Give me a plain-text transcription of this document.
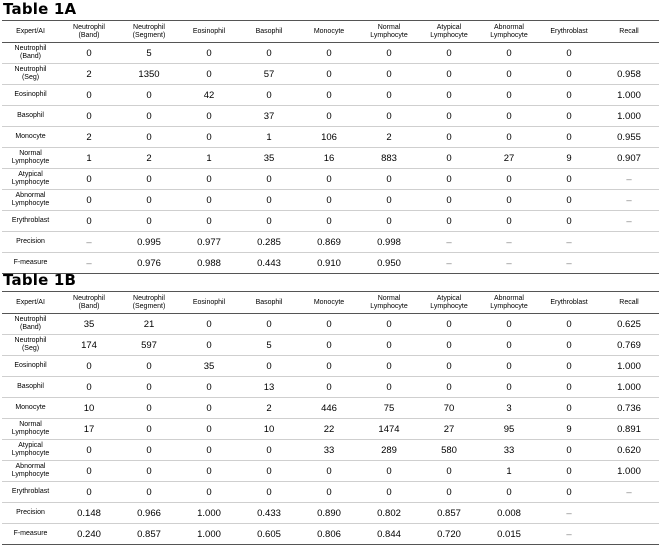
Table 1A
Expert/AI	Neutrophil
(Band)	Neutrophil
(Segment)	Eosinophil	Basophil	Monocyte	Normal
Lymphocyte	Atypical
Lymphocyte	Abnormal
Lymphocyte	Erythroblast	Recall
Neutrophil
(Band)	0	5	0	0	0	0	0	0	0	
Neutrophil
(Seg)	2	1350	0	57	0	0	0	0	0	0.958
Eosinophil	0	0	42	0	0	0	0	0	0	1.000
Basophil	0	0	0	37	0	0	0	0	0	1.000
Monocyte	2	0	0	1	106	2	0	0	0	0.955
Normal
Lymphocyte	1	2	1	35	16	883	0	27	9	0.907
Atypical
Lymphocyte	0	0	0	0	0	0	0	0	0	–
Abnormal
Lymphocyte	0	0	0	0	0	0	0	0	0	–
Erythroblast	0	0	0	0	0	0	0	0	0	–
Precision	–	0.995	0.977	0.285	0.869	0.998	–	–	–	
F-measure	–	0.976	0.988	0.443	0.910	0.950	–	–	–	
Table 1B
Expert/AI	Neutrophil
(Band)	Neutrophil
(Segment)	Eosinophil	Basophil	Monocyte	Normal
Lymphocyte	Atypical
Lymphocyte	Abnormal
Lymphocyte	Erythroblast	Recall
Neutrophil
(Band)	35	21	0	0	0	0	0	0	0	0.625
Neutrophil
(Seg)	174	597	0	5	0	0	0	0	0	0.769
Eosinophil	0	0	35	0	0	0	0	0	0	1.000
Basophil	0	0	0	13	0	0	0	0	0	1.000
Monocyte	10	0	0	2	446	75	70	3	0	0.736
Normal
Lymphocyte	17	0	0	10	22	1474	27	95	9	0.891
Atypical
Lymphocyte	0	0	0	0	33	289	580	33	0	0.620
Abnormal
Lymphocyte	0	0	0	0	0	0	0	1	0	1.000
Erythroblast	0	0	0	0	0	0	0	0	0	–
Precision	0.148	0.966	1.000	0.433	0.890	0.802	0.857	0.008	–	
F-measure	0.240	0.857	1.000	0.605	0.806	0.844	0.720	0.015	–	
